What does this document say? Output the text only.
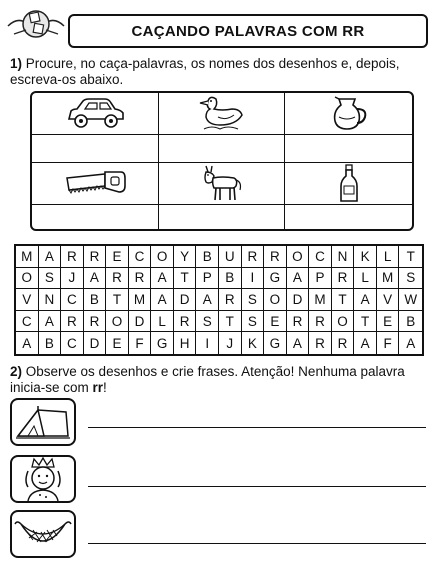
CAÇANDO PALAVRAS COM RR
1) Procure, no caça-palavras, os nomes dos desenhos e, depois, escreva-os abaixo.
M A R R E C O Y	B U R R O C N K	L	T
O S	J	A R R A	T	P	B	I	G A	P R	L M S
V N C B	T M A D A R S O D M T	A	V W
C A R R O D	L	R S	T	S	E R R O T	E	B
A	B C D E	F G H	I	J	K G A R R A	F	A
2) Observe os desenhos e crie frases. Atenção! Nenhuma palavra inicia-se com rr!
